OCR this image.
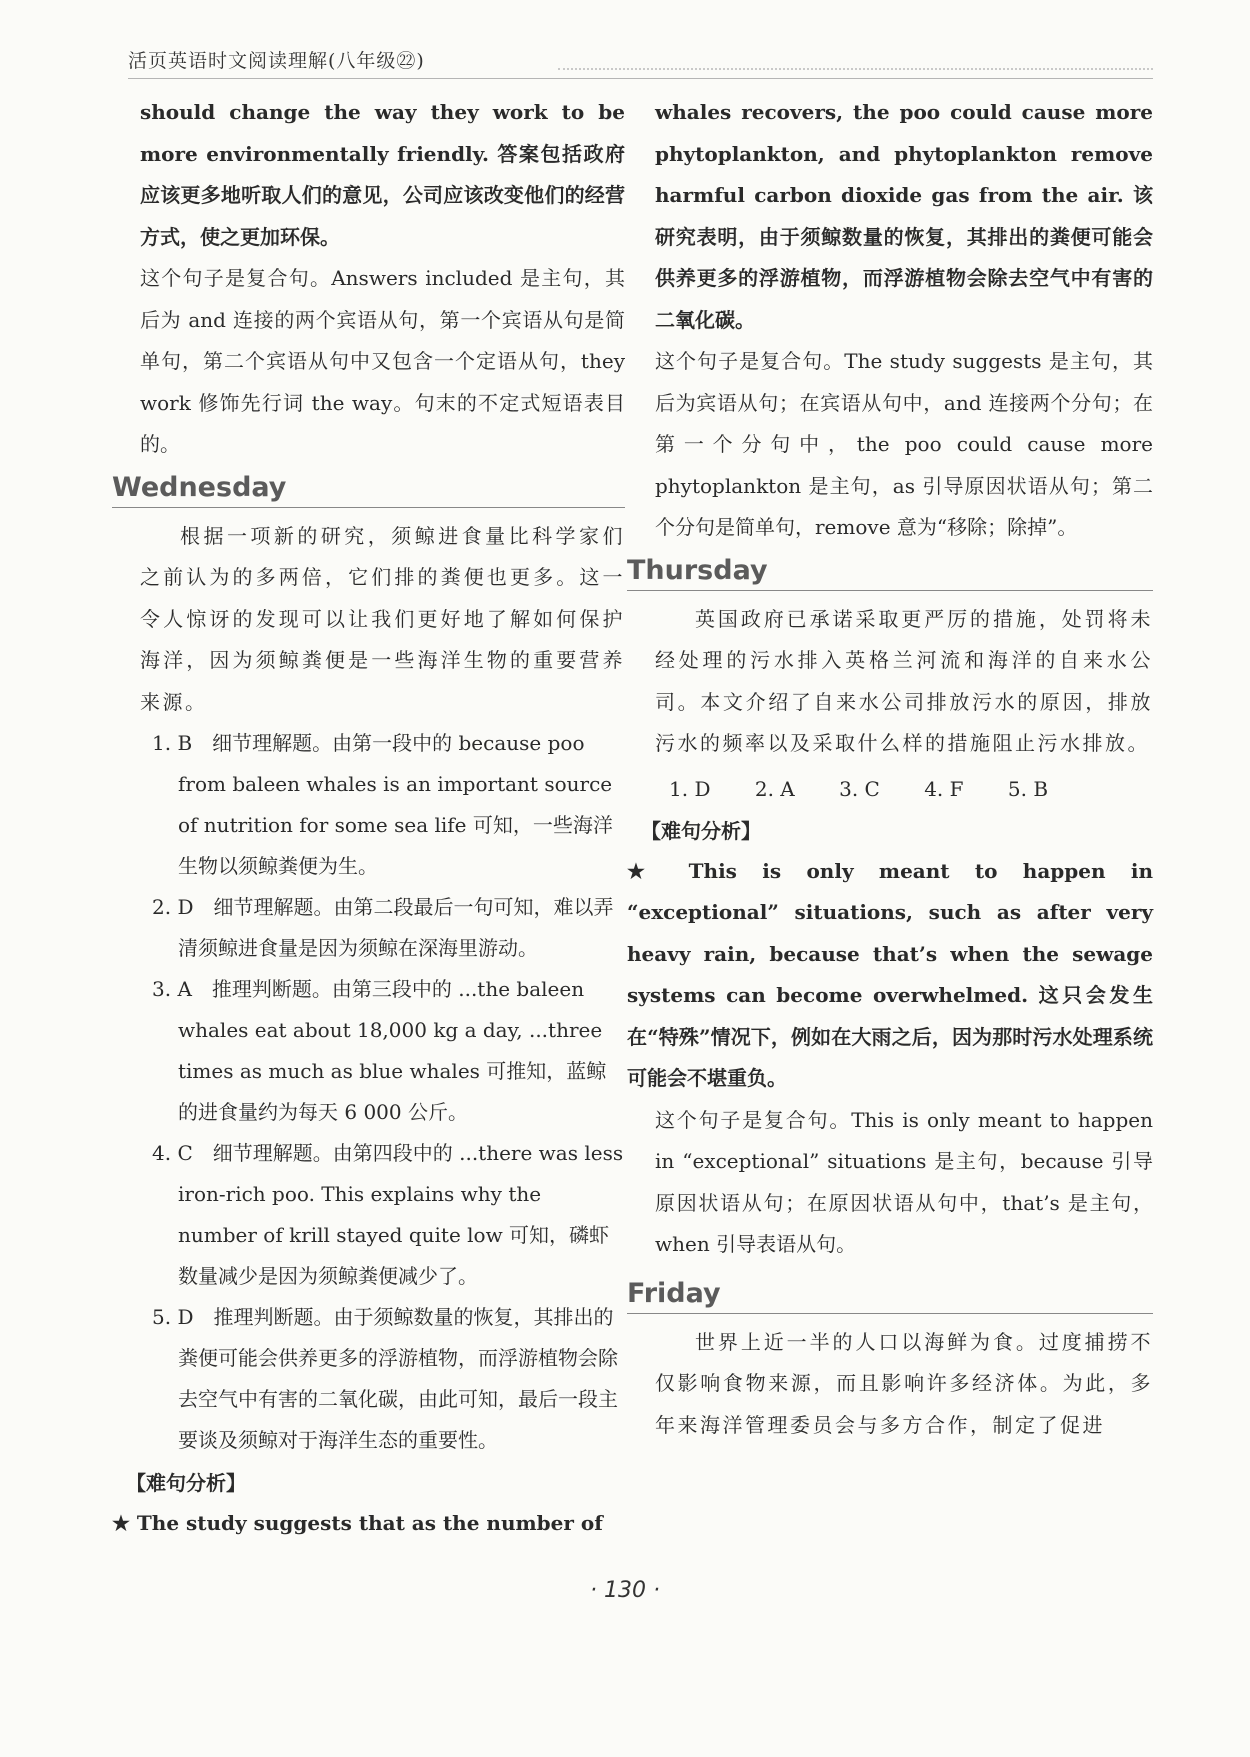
活页英语时文阅读理解(八年级㉒)

should change the way they work to be more environmentally friendly. 答案包括政府应该更多地听取人们的意见，公司应该改变他们的经营方式，使之更加环保。

这个句子是复合句。Answers included 是主句，其后为 and 连接的两个宾语从句，第一个宾语从句是简单句，第二个宾语从句中又包含一个定语从句，they work 修饰先行词 the way。句末的不定式短语表目的。

Wednesday

根据一项新的研究，须鲸进食量比科学家们之前认为的多两倍，它们排的粪便也更多。这一令人惊讶的发现可以让我们更好地了解如何保护海洋，因为须鲸粪便是一些海洋生物的重要营养来源。

1. B　细节理解题。由第一段中的 because poo from baleen whales is an important source of nutrition for some sea life 可知，一些海洋生物以须鲸粪便为生。

2. D　细节理解题。由第二段最后一句可知，难以弄清须鲸进食量是因为须鲸在深海里游动。

3. A　推理判断题。由第三段中的 ...the baleen whales eat about 18,000 kg a day, ...three times as much as blue whales 可推知，蓝鲸的进食量约为每天 6 000 公斤。

4. C　细节理解题。由第四段中的 ...there was less iron-rich poo. This explains why the number of krill stayed quite low 可知，磷虾数量减少是因为须鲸粪便减少了。

5. D　推理判断题。由于须鲸数量的恢复，其排出的粪便可能会供养更多的浮游植物，而浮游植物会除去空气中有害的二氧化碳，由此可知，最后一段主要谈及须鲸对于海洋生态的重要性。

【难句分析】

★ The study suggests that as the number of

whales recovers, the poo could cause more phytoplankton, and phytoplankton remove harmful carbon dioxide gas from the air. 该研究表明，由于须鲸数量的恢复，其排出的粪便可能会供养更多的浮游植物，而浮游植物会除去空气中有害的二氧化碳。

这个句子是复合句。The study suggests 是主句，其后为宾语从句；在宾语从句中，and 连接两个分句；在第一个分句中，the poo could cause more phytoplankton 是主句，as 引导原因状语从句；第二个分句是简单句，remove 意为“移除；除掉”。

Thursday

英国政府已承诺采取更严厉的措施，处罚将未经处理的污水排入英格兰河流和海洋的自来水公司。本文介绍了自来水公司排放污水的原因，排放污水的频率以及采取什么样的措施阻止污水排放。

1. D 2. A 3. C 4. F 5. B
【难句分析】

★ This is only meant to happen in “exceptional” situations, such as after very heavy rain, because that’s when the sewage systems can become overwhelmed. 这只会发生在“特殊”情况下，例如在大雨之后，因为那时污水处理系统可能会不堪重负。

这个句子是复合句。This is only meant to happen in “exceptional” situations 是主句，because 引导原因状语从句；在原因状语从句中，that’s 是主句，when 引导表语从句。

Friday

世界上近一半的人口以海鲜为食。过度捕捞不仅影响食物来源，而且影响许多经济体。为此，多年来海洋管理委员会与多方合作，制定了促进

· 130 ·
